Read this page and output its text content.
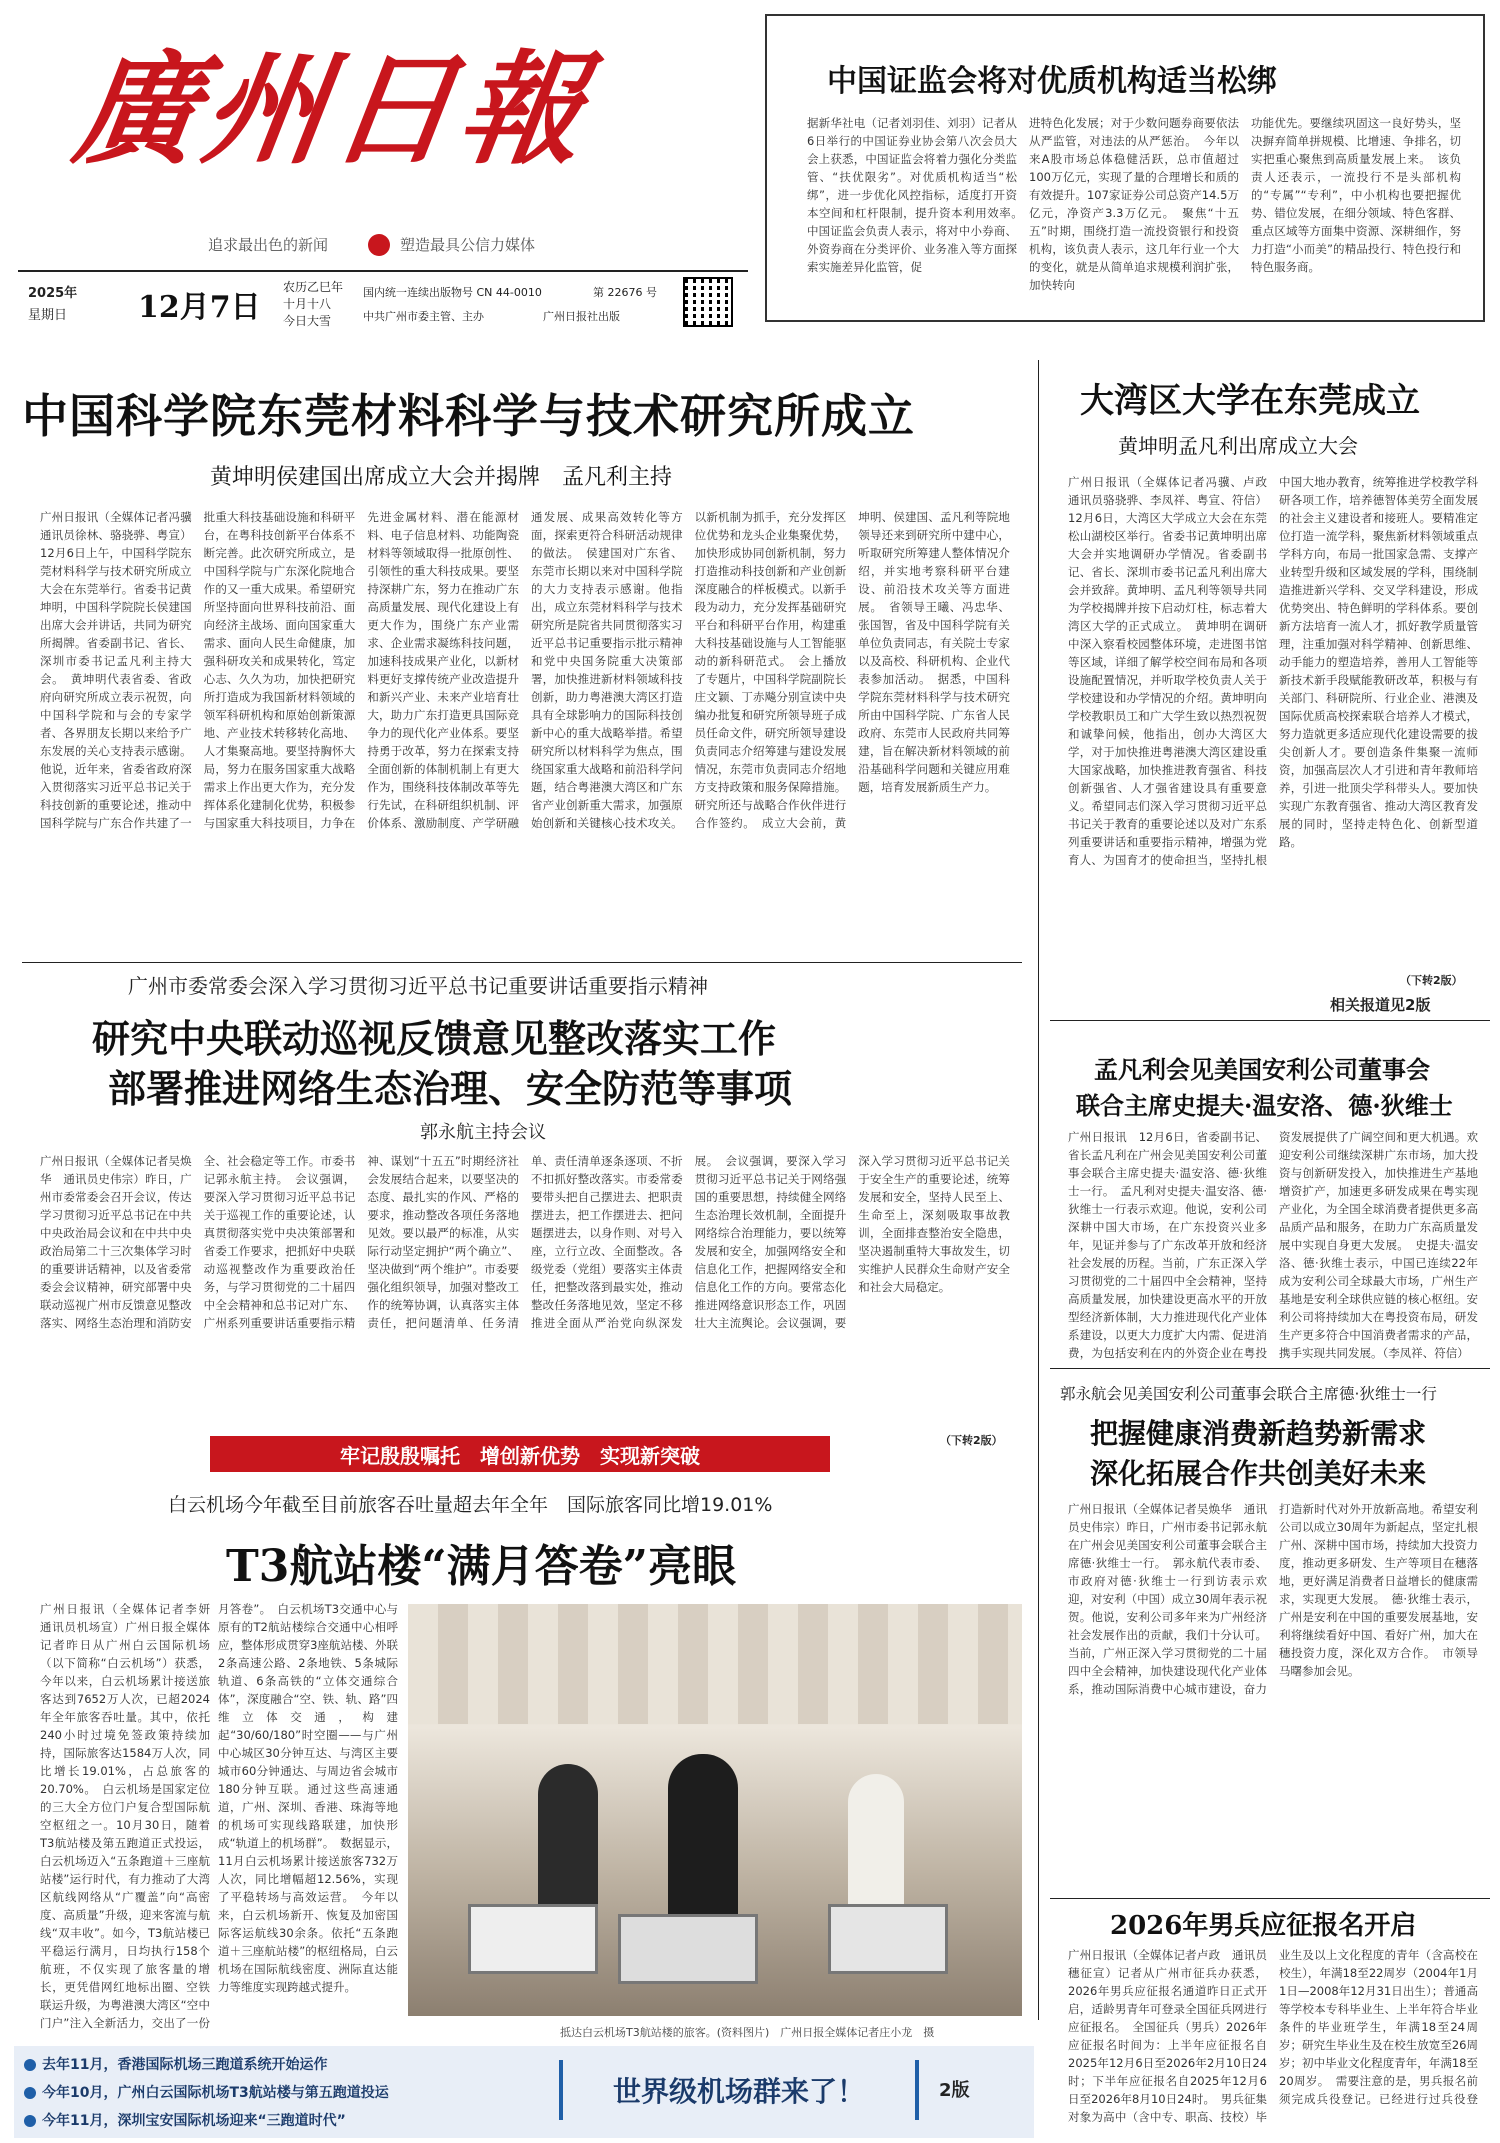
廣州日報
追求最出色的新闻	塑造最具公信力媒体
2025年
星期日 12月7日
农历乙巳年
十月十八
今日大雪
国内统一连续出版物号 CN 44-0010	第 22676 号
中共广州市委主管、主办	广州日报社出版
中国证监会将对优质机构适当松绑
据新华社电（记者刘羽佳、刘羽）记者从6日举行的中国证券业协会第八次会员大会上获悉，中国证监会将着力强化分类监管、“扶优限劣”。对优质机构适当“松绑”，进一步优化风控指标，适度打开资本空间和杠杆限制，提升资本利用效率。　中国证监会负责人表示，将对中小券商、外资券商在分类评价、业务准入等方面探索实施差异化监管，促
进特色化发展；对于少数问题券商要依法从严监管，对违法的从严惩治。　今年以来A股市场总体稳健活跃，总市值超过100万亿元，实现了量的合理增长和质的有效提升。107家证券公司总资产14.5万亿元，净资产3.3万亿元。　聚焦“十五五”时期，围绕打造一流投资银行和投资机构，该负责人表示，这几年行业一个大的变化，就是从简单追求规模利润扩张，加快转向
功能优先。要继续巩固这一良好势头，坚决摒弃简单拼规模、比增速、争排名，切实把重心聚焦到高质量发展上来。　该负责人还表示，一流投行不是头部机构的“专属”“专利”，中小机构也要把握优势、错位发展，在细分领域、特色客群、重点区域等方面集中资源、深耕细作，努力打造“小而美”的精品投行、特色投行和特色服务商。
中国科学院东莞材料科学与技术研究所成立
黄坤明侯建国出席成立大会并揭牌　孟凡利主持
广州日报讯（全媒体记者冯骥　通讯员徐林、骆骁骅、粤宣）12月6日上午，中国科学院东莞材料科学与技术研究所成立大会在东莞举行。省委书记黄坤明，中国科学院院长侯建国出席大会并讲话，共同为研究所揭牌。省委副书记、省长、深圳市委书记孟凡利主持大会。　黄坤明代表省委、省政府向研究所成立表示祝贺，向中国科学院和与会的专家学者、各界朋友长期以来给予广东发展的关心支持表示感谢。他说，近年来，省委省政府深入贯彻落实习近平总书记关于科技创新的重要论述，推动中国科学院与广东合作共建了一批重大科技基础设施和科研平台，在粤科技创新平台体系不断完善。此次研究所成立，是中国科学院与广东深化院地合作的又一重大成果。希望研究所坚持面向世界科技前沿、面向经济主战场、面向国家重大需求、面向人民生命健康，加强科研攻关和成果转化，笃定心志、久久为功，加快把研究所打造成为我国新材料领域的领军科研机构和原始创新策源地、产业技术转移转化高地、人才集聚高地。要坚持胸怀大局，努力在服务国家重大战略需求上作出更大作为，充分发挥体系化建制化优势，积极参与国家重大科技项目，力争在先进金属材料、潜在能源材料、电子信息材料、功能陶瓷材料等领域取得一批原创性、引领性的重大科技成果。要坚持深耕广东，努力在推动广东高质量发展、现代化建设上有更大作为，围绕广东产业需求、企业需求凝练科技问题，加速科技成果产业化，以新材料更好支撑传统产业改造提升和新兴产业、未来产业培育壮大，助力广东打造更具国际竞争力的现代化产业体系。要坚持勇于改革，努力在探索支持全面创新的体制机制上有更大作为，围绕科技体制改革等先行先试，在科研组织机制、评价体系、激励制度、产学研融通发展、成果高效转化等方面，探索更符合科研活动规律的做法。　侯建国对广东省、东莞市长期以来对中国科学院的大力支持表示感谢。他指出，成立东莞材料科学与技术研究所是院省共同贯彻落实习近平总书记重要指示批示精神和党中央国务院重大决策部署，加快推进新材料领域科技创新，助力粤港澳大湾区打造具有全球影响力的国际科技创新中心的重大战略举措。希望研究所以材料科学为焦点，围绕国家重大战略和前沿科学问题，结合粤港澳大湾区和广东省产业创新重大需求，加强原始创新和关键核心技术攻关。以新机制为抓手，充分发挥区位优势和龙头企业集聚优势，加快形成协同创新机制，努力打造推动科技创新和产业创新深度融合的样板模式。以新手段为动力，充分发挥基础研究平台和科研平台作用，构建重大科技基础设施与人工智能驱动的新科研范式。　会上播放了专题片，中国科学院副院长庄文颖、丁赤飚分别宣读中央编办批复和研究所领导班子成员任命文件，研究所领导建设负责同志介绍筹建与建设发展情况，东莞市负责同志介绍地方支持政策和服务保障措施。研究所还与战略合作伙伴进行合作签约。　成立大会前，黄坤明、侯建国、孟凡利等院地领导还来到研究所中建中心，听取研究所筹建人整体情况介绍，并实地考察科研平台建设、前沿技术攻关等方面进展。　省领导王曦、冯忠华、张国智，省及中国科学院有关单位负责同志，有关院士专家以及高校、科研机构、企业代表参加活动。　据悉，中国科学院东莞材料科学与技术研究所由中国科学院、广东省人民政府、东莞市人民政府共同筹建，旨在解决新材料领域的前沿基础科学问题和关键应用难题，培育发展新质生产力。
大湾区大学在东莞成立
黄坤明孟凡利出席成立大会
广州日报讯（全媒体记者冯骥、卢政　通讯员骆骁骅、李凤祥、粤宣、符信）12月6日，大湾区大学成立大会在东莞松山湖校区举行。省委书记黄坤明出席大会并实地调研办学情况。省委副书记、省长、深圳市委书记孟凡利出席大会并致辞。黄坤明、孟凡利等领导共同为学校揭牌并按下启动灯柱，标志着大湾区大学的正式成立。　黄坤明在调研中深入察看校园整体环境，走进图书馆等区域，详细了解学校空间布局和各项设施配置情况，并听取学校负责人关于学校建设和办学情况的介绍。黄坤明向学校教职员工和广大学生致以热烈祝贺和诚挚问候，他指出，创办大湾区大学，对于加快推进粤港澳大湾区建设重大国家战略，加快推进教育强省、科技创新强省、人才强省建设具有重要意义。希望同志们深入学习贯彻习近平总书记关于教育的重要论述以及对广东系列重要讲话和重要指示精神，增强为党育人、为国育才的使命担当，坚持扎根中国大地办教育，统筹推进学校教学科研各项工作，培养德智体美劳全面发展的社会主义建设者和接班人。要精准定位打造一流学科，聚焦新材料领域重点学科方向，布局一批国家急需、支撑产业转型升级和区域发展的学科，围绕制造推进新兴学科、交叉学科建设，形成优势突出、特色鲜明的学科体系。要创新方法培育一流人才，抓好教学质量管理，注重加强对科学精神、创新思维、动手能力的塑造培养，善用人工智能等新技术新手段赋能教研改革，积极与有关部门、科研院所、行业企业、港澳及国际优质高校探索联合培养人才模式，努力造就更多适应现代化建设需要的拔尖创新人才。要创造条件集聚一流师资，加强高层次人才引进和青年教师培养，引进一批顶尖学科带头人。要加快实现广东教育强省、推动大湾区教育发展的同时，坚持走特色化、创新型道路。
（下转2版）
相关报道见2版
广州市委常委会深入学习贯彻习近平总书记重要讲话重要指示精神
研究中央联动巡视反馈意见整改落实工作
部署推进网络生态治理、安全防范等事项
郭永航主持会议
广州日报讯（全媒体记者吴焕华　通讯员史伟宗）昨日，广州市委常委会召开会议，传达学习贯彻习近平总书记在中共中央政治局会议和在中共中央政治局第二十三次集体学习时的重要讲话精神，以及省委常委会会议精神，研究部署中央联动巡视广州市反馈意见整改落实、网络生态治理和消防安全、社会稳定等工作。市委书记郭永航主持。　会议强调，要深入学习贯彻习近平总书记关于巡视工作的重要论述，认真贯彻落实党中央决策部署和省委工作要求，把抓好中央联动巡视整改作为重要政治任务，与学习贯彻党的二十届四中全会精神和总书记对广东、广州系列重要讲话重要指示精神、谋划“十五五”时期经济社会发展结合起来，以要坚决的态度、最扎实的作风、严格的要求，推动整改各项任务落地见效。要以最严的标准，从实际行动坚定拥护“两个确立”、坚决做到“两个维护”。市委要强化组织领导，加强对整改工作的统筹协调，认真落实主体责任，把问题清单、任务清单、责任清单逐条逐项、不折不扣抓好整改落实。市委常委要带头把自己摆进去、把职责摆进去，把工作摆进去、把问题摆进去，以身作则、对号入座，立行立改、全面整改。各级党委（党组）要落实主体责任，把整改落到最实处，推动整改任务落地见效，坚定不移推进全面从严治党向纵深发展。　会议强调，要深入学习贯彻习近平总书记关于网络强国的重要思想，持续健全网络生态治理长效机制，全面提升网络综合治理能力，要以统筹发展和安全，加强网络安全和信息化工作，把握网络安全和信息化工作的方向。要常态化推进网络意识形态工作，巩固壮大主流舆论。会议强调，要深入学习贯彻习近平总书记关于安全生产的重要论述，统筹发展和安全，坚持人民至上、生命至上，深刻吸取事故教训，全面排查整治安全隐患，坚决遏制重特大事故发生，切实维护人民群众生命财产安全和社会大局稳定。
（下转2版）
孟凡利会见美国安利公司董事会
联合主席史提夫·温安洛、德·狄维士
广州日报讯　12月6日，省委副书记、省长孟凡利在广州会见美国安利公司董事会联合主席史提夫·温安洛、德·狄维士一行。　孟凡利对史提夫·温安洛、德·狄维士一行表示欢迎。他说，安利公司深耕中国大市场，在广东投资兴业多年，见证并参与了广东改革开放和经济社会发展的历程。当前，广东正深入学习贯彻党的二十届四中全会精神，坚持高质量发展，加快建设更高水平的开放型经济新体制，大力推进现代化产业体系建设，以更大力度扩大内需、促进消费，为包括安利在内的外资企业在粤投资发展提供了广阔空间和更大机遇。欢迎安利公司继续深耕广东市场，加大投资与创新研发投入，加快推进生产基地增资扩产，加速更多研发成果在粤实现产业化，为全国全球消费者提供更多高品质产品和服务，在助力广东高质量发展中实现自身更大发展。　史提夫·温安洛、德·狄维士表示，中国已连续22年成为安利公司全球最大市场，广州生产基地是安利全球供应链的核心枢纽。安利公司将持续加大在粤投资布局，研发生产更多符合中国消费者需求的产品，携手实现共同发展。（李凤祥、符信）
牢记殷殷嘱托　增创新优势　实现新突破
白云机场今年截至目前旅客吞吐量超去年全年　国际旅客同比增19.01%
T3航站楼“满月答卷”亮眼
广州日报讯（全媒体记者李妍　通讯员机场宣）广州日报全媒体记者昨日从广州白云国际机场（以下简称“白云机场”）获悉，今年以来，白云机场累计接送旅客达到7652万人次，已超2024年全年旅客吞吐量。其中，依托240小时过境免签政策持续加持，国际旅客达1584万人次，同比增长19.01%，占总旅客的20.70%。　白云机场是国家定位的三大全方位门户复合型国际航空枢纽之一。10月30日，随着T3航站楼及第五跑道正式投运，白云机场迈入“五条跑道＋三座航站楼”运行时代，有力推动了大湾区航线网络从“广覆盖”向“高密度、高质量”升级，迎来客流与航线“双丰收”。如今，T3航站楼已平稳运行满月，日均执行158个航班，不仅实现了旅客量的增长，更凭借网红地标出圈、空铁联运升级，为粤港澳大湾区“空中门户”注入全新活力，交出了一份
月答卷”。　白云机场T3交通中心与原有的T2航站楼综合交通中心相呼应，整体形成贯穿3座航站楼、外联2条高速公路、2条地铁、5条城际轨道、6条高铁的“立体交通综合体”，深度融合“空、铁、轨、路”四维立体交通，构建起“30/60/180”时空圈——与广州中心城区30分钟互达、与湾区主要城市60分钟通达、与周边省会城市180分钟互联。通过这些高速通道，广州、深圳、香港、珠海等地的机场可实现线路联建，加快形成“轨道上的机场群”。　数据显示，11月白云机场累计接送旅客732万人次，同比增幅超12.56%，实现了平稳转场与高效运营。　今年以来，白云机场新开、恢复及加密国际客运航线30余条。依托“五条跑道＋三座航站楼”的枢纽格局，白云机场在国际航线密度、洲际直达能力等维度实现跨越式提升。
抵达白云机场T3航站楼的旅客。(资料图片)　广州日报全媒体记者庄小龙　摄
郭永航会见美国安利公司董事会联合主席德·狄维士一行
把握健康消费新趋势新需求
深化拓展合作共创美好未来
广州日报讯（全媒体记者吴焕华　通讯员史伟宗）昨日，广州市委书记郭永航在广州会见美国安利公司董事会联合主席德·狄维士一行。　郭永航代表市委、市政府对德·狄维士一行到访表示欢迎，对安利（中国）成立30周年表示祝贺。他说，安利公司多年来为广州经济社会发展作出的贡献，我们十分认可。当前，广州正深入学习贯彻党的二十届四中全会精神，加快建设现代化产业体系，推动国际消费中心城市建设，奋力打造新时代对外开放新高地。希望安利公司以成立30周年为新起点，坚定扎根广州、深耕中国市场，持续加大投资力度，推动更多研发、生产等项目在穗落地，更好满足消费者日益增长的健康需求，实现更大发展。　德·狄维士表示，广州是安利在中国的重要发展基地，安利将继续看好中国、看好广州，加大在穗投资力度，深化双方合作。　市领导马曙参加会见。
2026年男兵应征报名开启
广州日报讯（全媒体记者卢政　通讯员穗征宣）记者从广州市征兵办获悉，2026年男兵应征报名通道昨日正式开启，适龄男青年可登录全国征兵网进行应征报名。　全国征兵（男兵）2026年应征报名时间为：上半年应征报名自2025年12月6日至2026年2月10日24时；下半年应征报名自2025年12月6日至2026年8月10日24时。　男兵征集对象为高中（含中专、职高、技校）毕业生及以上文化程度的青年（含高校在校生），年满18至22周岁（2004年1月1日—2008年12月31日出生）；普通高等学校本专科毕业生、上半年符合毕业条件的毕业班学生，年满18至24周岁；研究生毕业生及在校生放宽至26周岁；初中毕业文化程度青年，年满18至20周岁。　需要注意的是，男兵报名前须完成兵役登记。已经进行过兵役登
去年11月，香港国际机场三跑道系统开始运作
今年10月，广州白云国际机场T3航站楼与第五跑道投运
今年11月，深圳宝安国际机场迎来“三跑道时代”
世界级机场群来了！	2版
